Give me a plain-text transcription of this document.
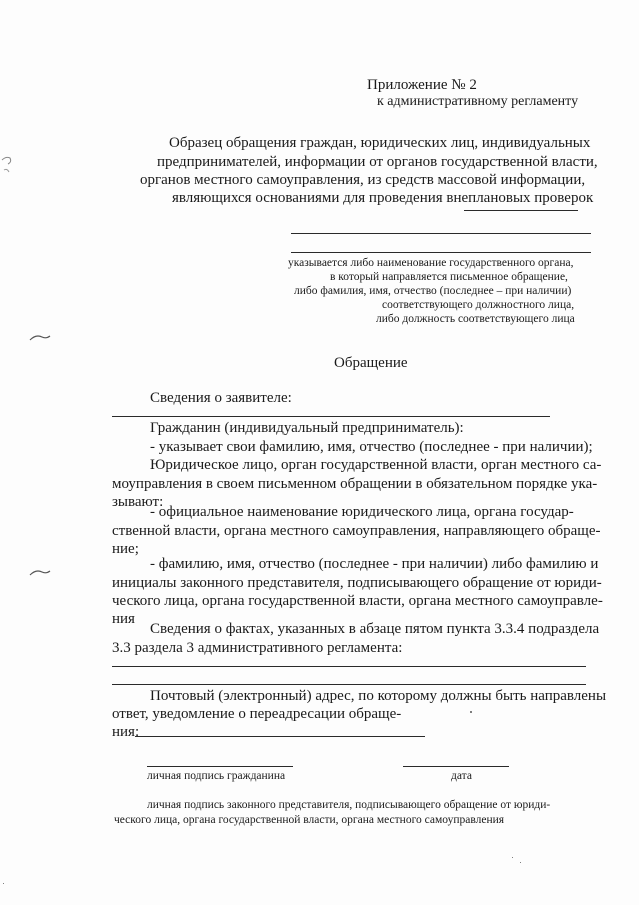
Приложение № 2
к административному регламенту
Образец обращения граждан, юридических лиц, индивидуальных
предпринимателей, информации от органов государственной власти,
органов местного самоуправления, из средств массовой информации,
являющихся основаниями для проведения внеплановых проверок
указывается либо наименование государственного органа,
в который направляется письменное обращение,
либо фамилия, имя, отчество (последнее – при наличии)
соответствующего должностного лица,
либо должность соответствующего лица
Обращение
Сведения о заявителе:
Гражданин (индивидуальный предприниматель):
- указывает свои фамилию, имя, отчество (последнее - при наличии);
Юридическое лицо, орган государственной власти, орган местного са-
моуправления в своем письменном обращении в обязательном порядке ука-
зывают:
- официальное наименование юридического лица, органа государ-
ственной власти, органа местного самоуправления, направляющего обраще-
ние;
- фамилию, имя, отчество (последнее - при наличии) либо фамилию и
инициалы законного представителя, подписывающего обращение от юриди-
ческого лица, органа государственной власти, органа местного самоуправле-
ния
Сведения о фактах, указанных в абзаце пятом пункта 3.3.4 подраздела
3.3 раздела 3 административного регламента:
Почтовый (электронный) адрес, по которому должны быть направлены
ответ, уведомление о переадресации обраще-
ния:
личная подпись гражданина	дата
личная подпись законного представителя, подписывающего обращение от юриди-
ческого лица, органа государственной власти, органа местного самоуправления
